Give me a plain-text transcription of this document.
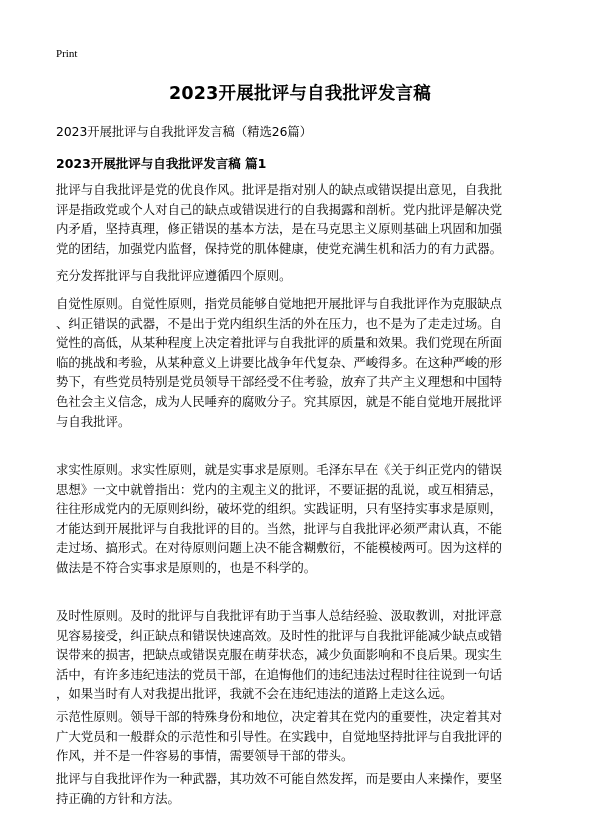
Print
2023开展批评与自我批评发言稿
2023开展批评与自我批评发言稿（精选26篇）
2023开展批评与自我批评发言稿 篇1
批评与自我批评是党的优良作风。批评是指对别人的缺点或错误提出意见，自我批
评是指政党或个人对自己的缺点或错误进行的自我揭露和剖析。党内批评是解决党
内矛盾，坚持真理，修正错误的基本方法，是在马克思主义原则基础上巩固和加强
党的团结，加强党内监督，保持党的肌体健康，使党充满生机和活力的有力武器。
充分发挥批评与自我批评应遵循四个原则。
自觉性原则。自觉性原则，指党员能够自觉地把开展批评与自我批评作为克服缺点
、纠正错误的武器，不是出于党内组织生活的外在压力，也不是为了走走过场。自
觉性的高低，从某种程度上决定着批评与自我批评的质量和效果。我们党现在所面
临的挑战和考验，从某种意义上讲要比战争年代复杂、严峻得多。在这种严峻的形
势下，有些党员特别是党员领导干部经受不住考验，放弃了共产主义理想和中国特
色社会主义信念，成为人民唾弃的腐败分子。究其原因，就是不能自觉地开展批评
与自我批评。
求实性原则。求实性原则，就是实事求是原则。毛泽东早在《关于纠正党内的错误
思想》一文中就曾指出：党内的主观主义的批评，不要证据的乱说，或互相猜忌，
往往形成党内的无原则纠纷，破坏党的组织。实践证明，只有坚持实事求是原则，
才能达到开展批评与自我批评的目的。当然，批评与自我批评必须严肃认真，不能
走过场、搞形式。在对待原则问题上决不能含糊敷衍，不能模棱两可。因为这样的
做法是不符合实事求是原则的，也是不科学的。
及时性原则。及时的批评与自我批评有助于当事人总结经验、汲取教训，对批评意
见容易接受，纠正缺点和错误快速高效。及时性的批评与自我批评能减少缺点或错
误带来的损害，把缺点或错误克服在萌芽状态，减少负面影响和不良后果。现实生
活中，有许多违纪违法的党员干部，在追悔他们的违纪违法过程时往往说到一句话
，如果当时有人对我提出批评，我就不会在违纪违法的道路上走这么远。
示范性原则。领导干部的特殊身份和地位，决定着其在党内的重要性，决定着其对
广大党员和一般群众的示范性和引导性。在实践中，自觉地坚持批评与自我批评的
作风，并不是一件容易的事情，需要领导干部的带头。
批评与自我批评作为一种武器，其功效不可能自然发挥，而是要由人来操作，要坚
持正确的方针和方法。
